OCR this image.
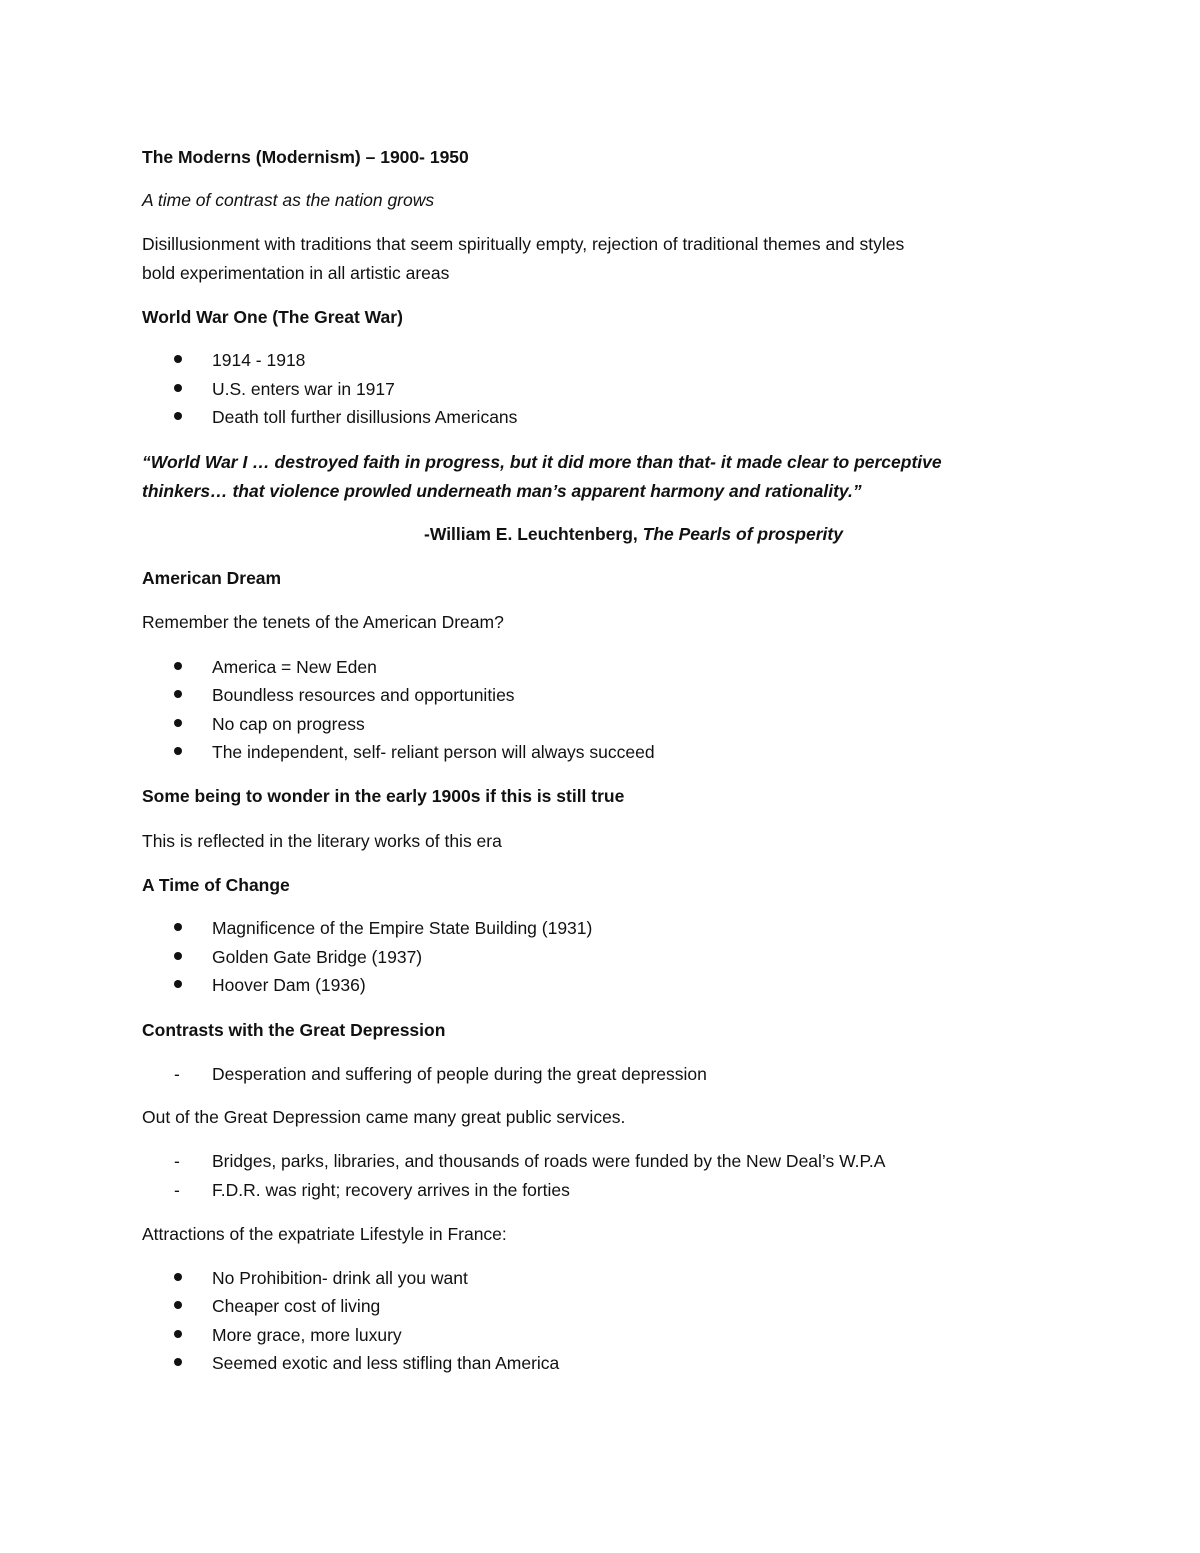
The Moderns (Modernism) – 1900- 1950

A time of contrast as the nation grows

Disillusionment with traditions that seem spiritually empty, rejection of traditional themes and styles

bold experimentation in all artistic areas

World War One (The Great War)

1914 - 1918

U.S. enters war in 1917

Death toll further disillusions Americans

“World War I … destroyed faith in progress, but it did more than that- it made clear to perceptive

thinkers… that violence prowled underneath man’s apparent harmony and rationality.”

-William E. Leuchtenberg, The Pearls of prosperity

American Dream

Remember the tenets of the American Dream?

America = New Eden

Boundless resources and opportunities

No cap on progress

The independent, self- reliant person will always succeed

Some being to wonder in the early 1900s if this is still true

This is reflected in the literary works of this era

A Time of Change

Magnificence of the Empire State Building (1931)

Golden Gate Bridge (1937)

Hoover Dam (1936)

Contrasts with the Great Depression

- Desperation and suffering of people during the great depression

Out of the Great Depression came many great public services.

- Bridges, parks, libraries, and thousands of roads were funded by the New Deal’s W.P.A

- F.D.R. was right; recovery arrives in the forties

Attractions of the expatriate Lifestyle in France:

No Prohibition- drink all you want

Cheaper cost of living

More grace, more luxury

Seemed exotic and less stifling than America
